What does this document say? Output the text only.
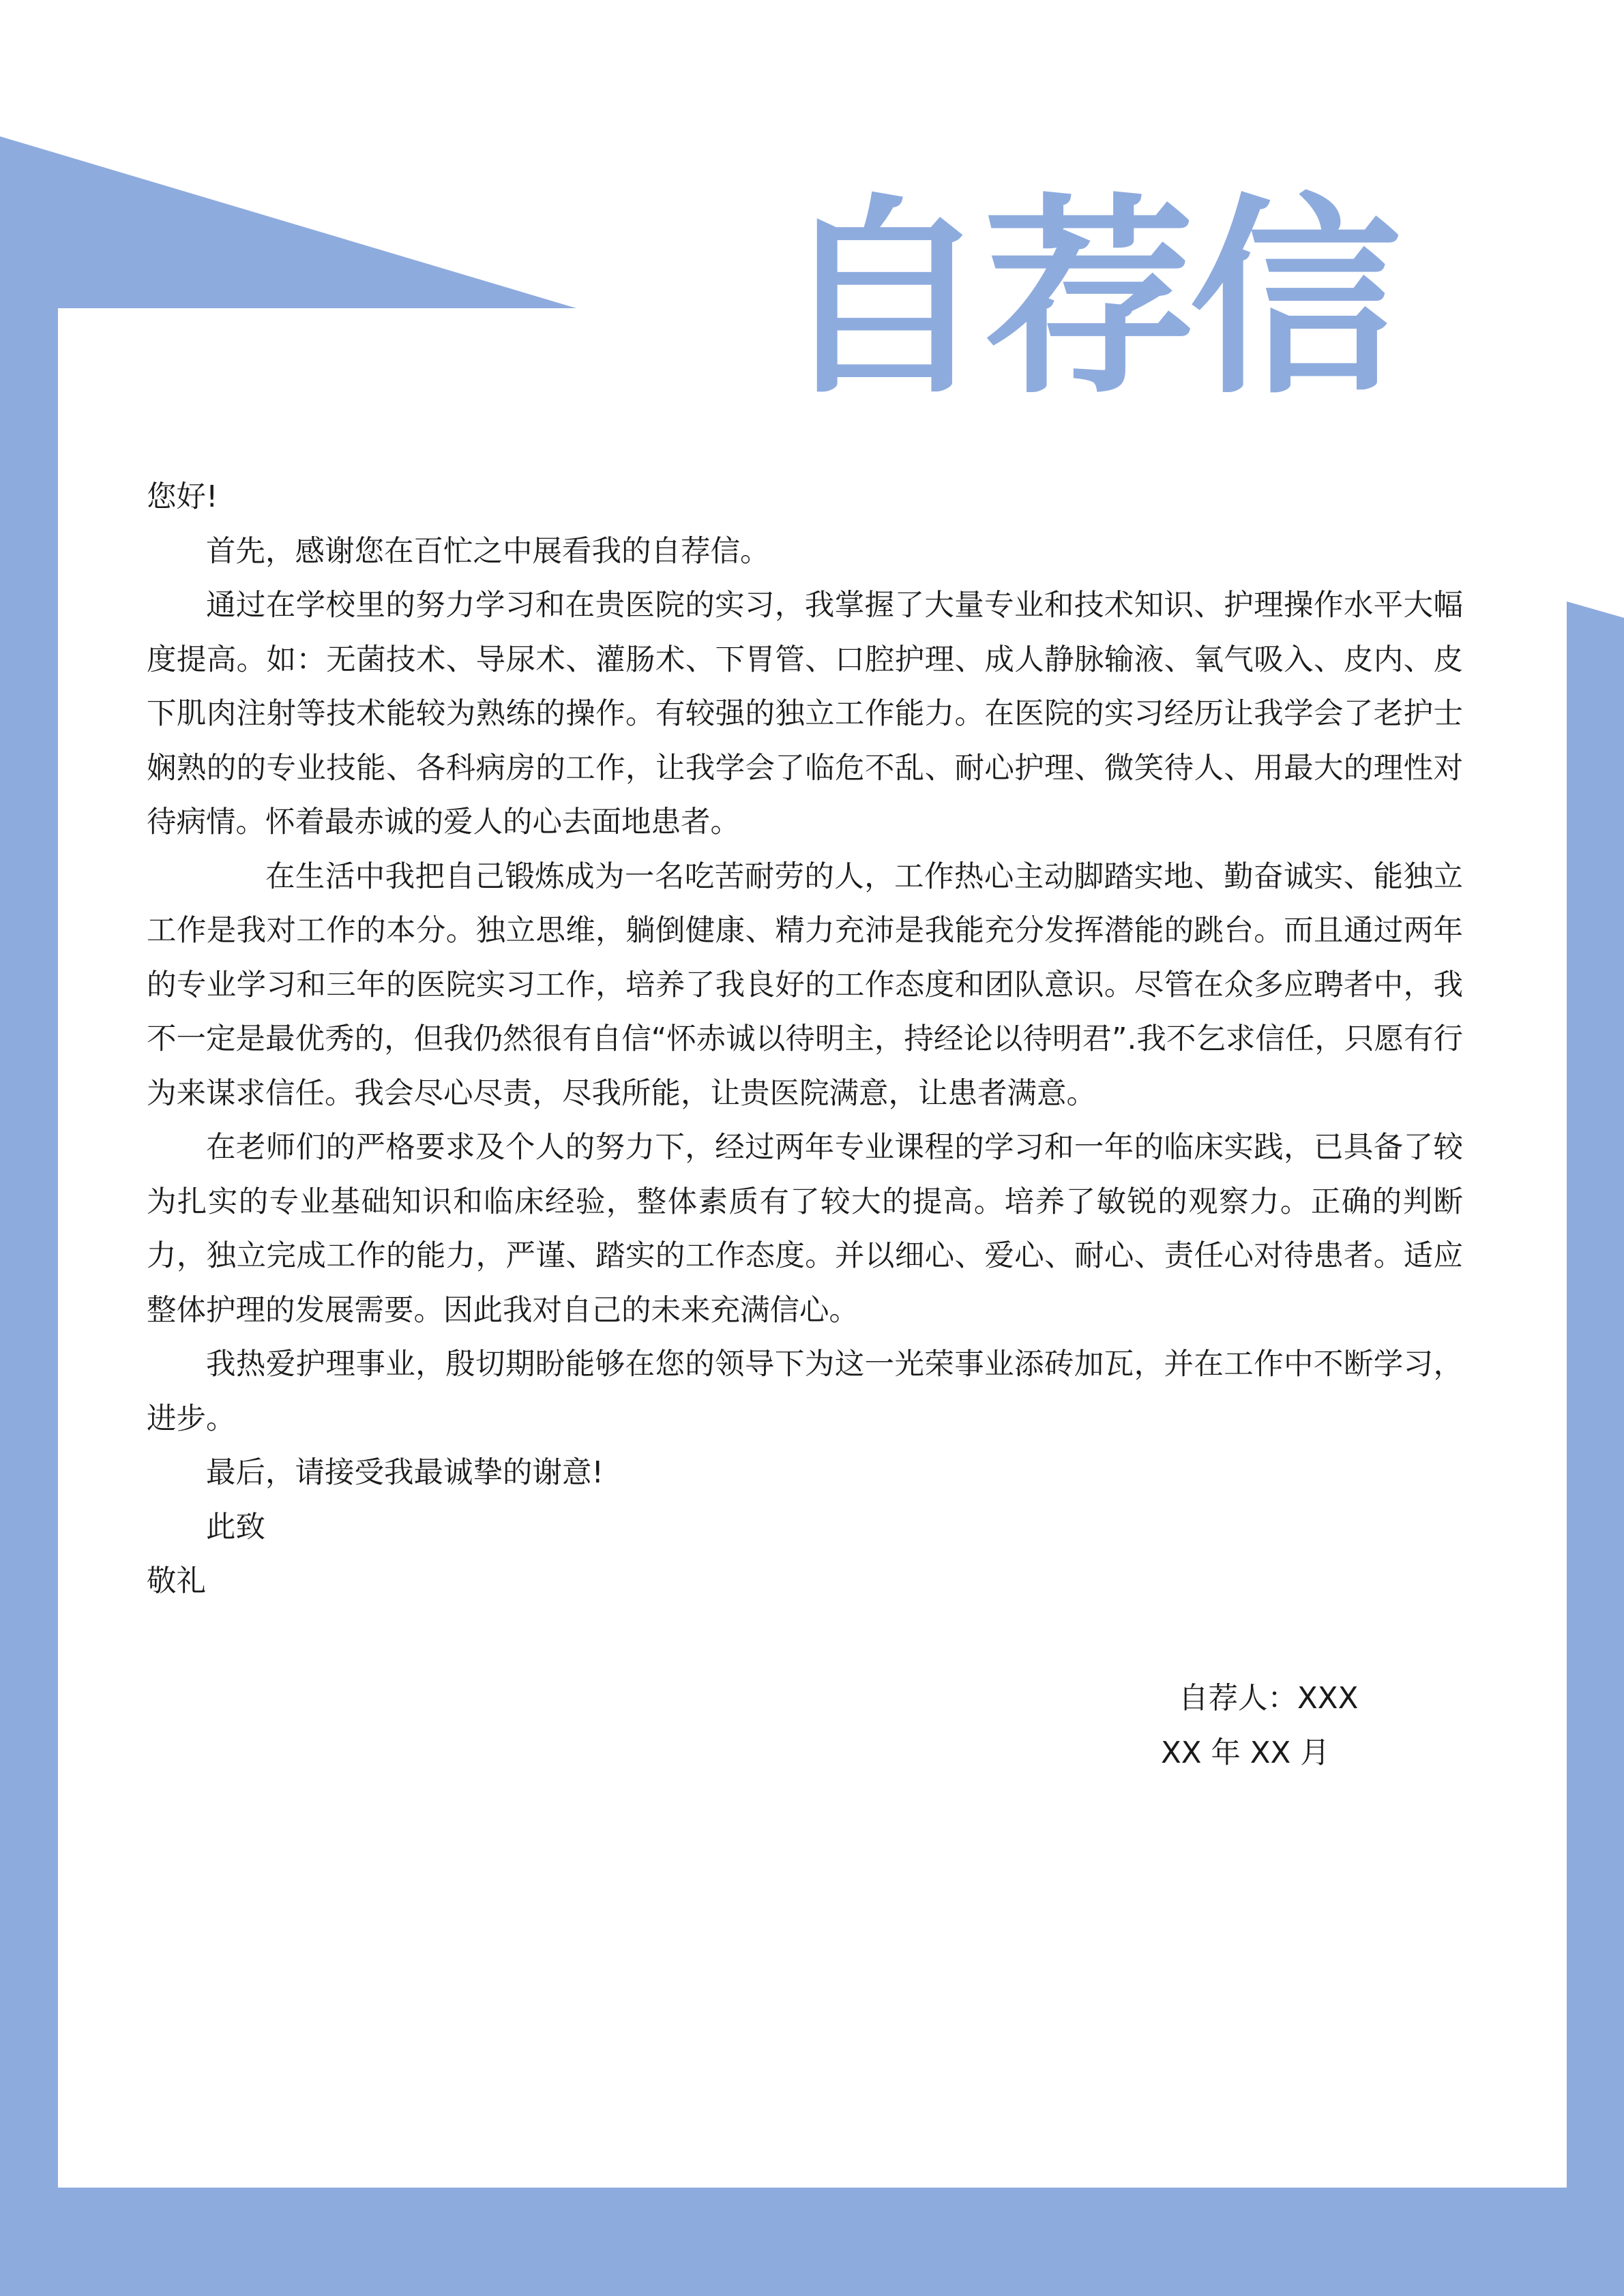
自荐信

您好!

首先，感谢您在百忙之中展看我的自荐信。

通过在学校里的努力学习和在贵医院的实习，我掌握了大量专业和技术知识、护理操作水平大幅度提高。如：无菌技术、导尿术、灌肠术、下胃管、口腔护理、成人静脉输液、氧气吸入、皮内、皮下肌肉注射等技术能较为熟练的操作。有较强的独立工作能力。在医院的实习经历让我学会了老护士娴熟的的专业技能、各科病房的工作，让我学会了临危不乱、耐心护理、微笑待人、用最大的理性对待病情。怀着最赤诚的爱人的心去面地患者。

在生活中我把自己锻炼成为一名吃苦耐劳的人，工作热心主动脚踏实地、勤奋诚实、能独立工作是我对工作的本分。独立思维，躺倒健康、精力充沛是我能充分发挥潜能的跳台。而且通过两年的专业学习和三年的医院实习工作，培养了我良好的工作态度和团队意识。尽管在众多应聘者中，我不一定是最优秀的，但我仍然很有自信“怀赤诚以待明主，持经论以待明君”.我不乞求信任，只愿有行为来谋求信任。我会尽心尽责，尽我所能，让贵医院满意，让患者满意。

在老师们的严格要求及个人的努力下，经过两年专业课程的学习和一年的临床实践，已具备了较为扎实的专业基础知识和临床经验，整体素质有了较大的提高。培养了敏锐的观察力。正确的判断力，独立完成工作的能力，严谨、踏实的工作态度。并以细心、爱心、耐心、责任心对待患者。适应整体护理的发展需要。因此我对自己的未来充满信心。

我热爱护理事业，殷切期盼能够在您的领导下为这一光荣事业添砖加瓦，并在工作中不断学习，进步。

最后，请接受我最诚挚的谢意!

此致

敬礼

自荐人：XXX
XX 年 XX 月
